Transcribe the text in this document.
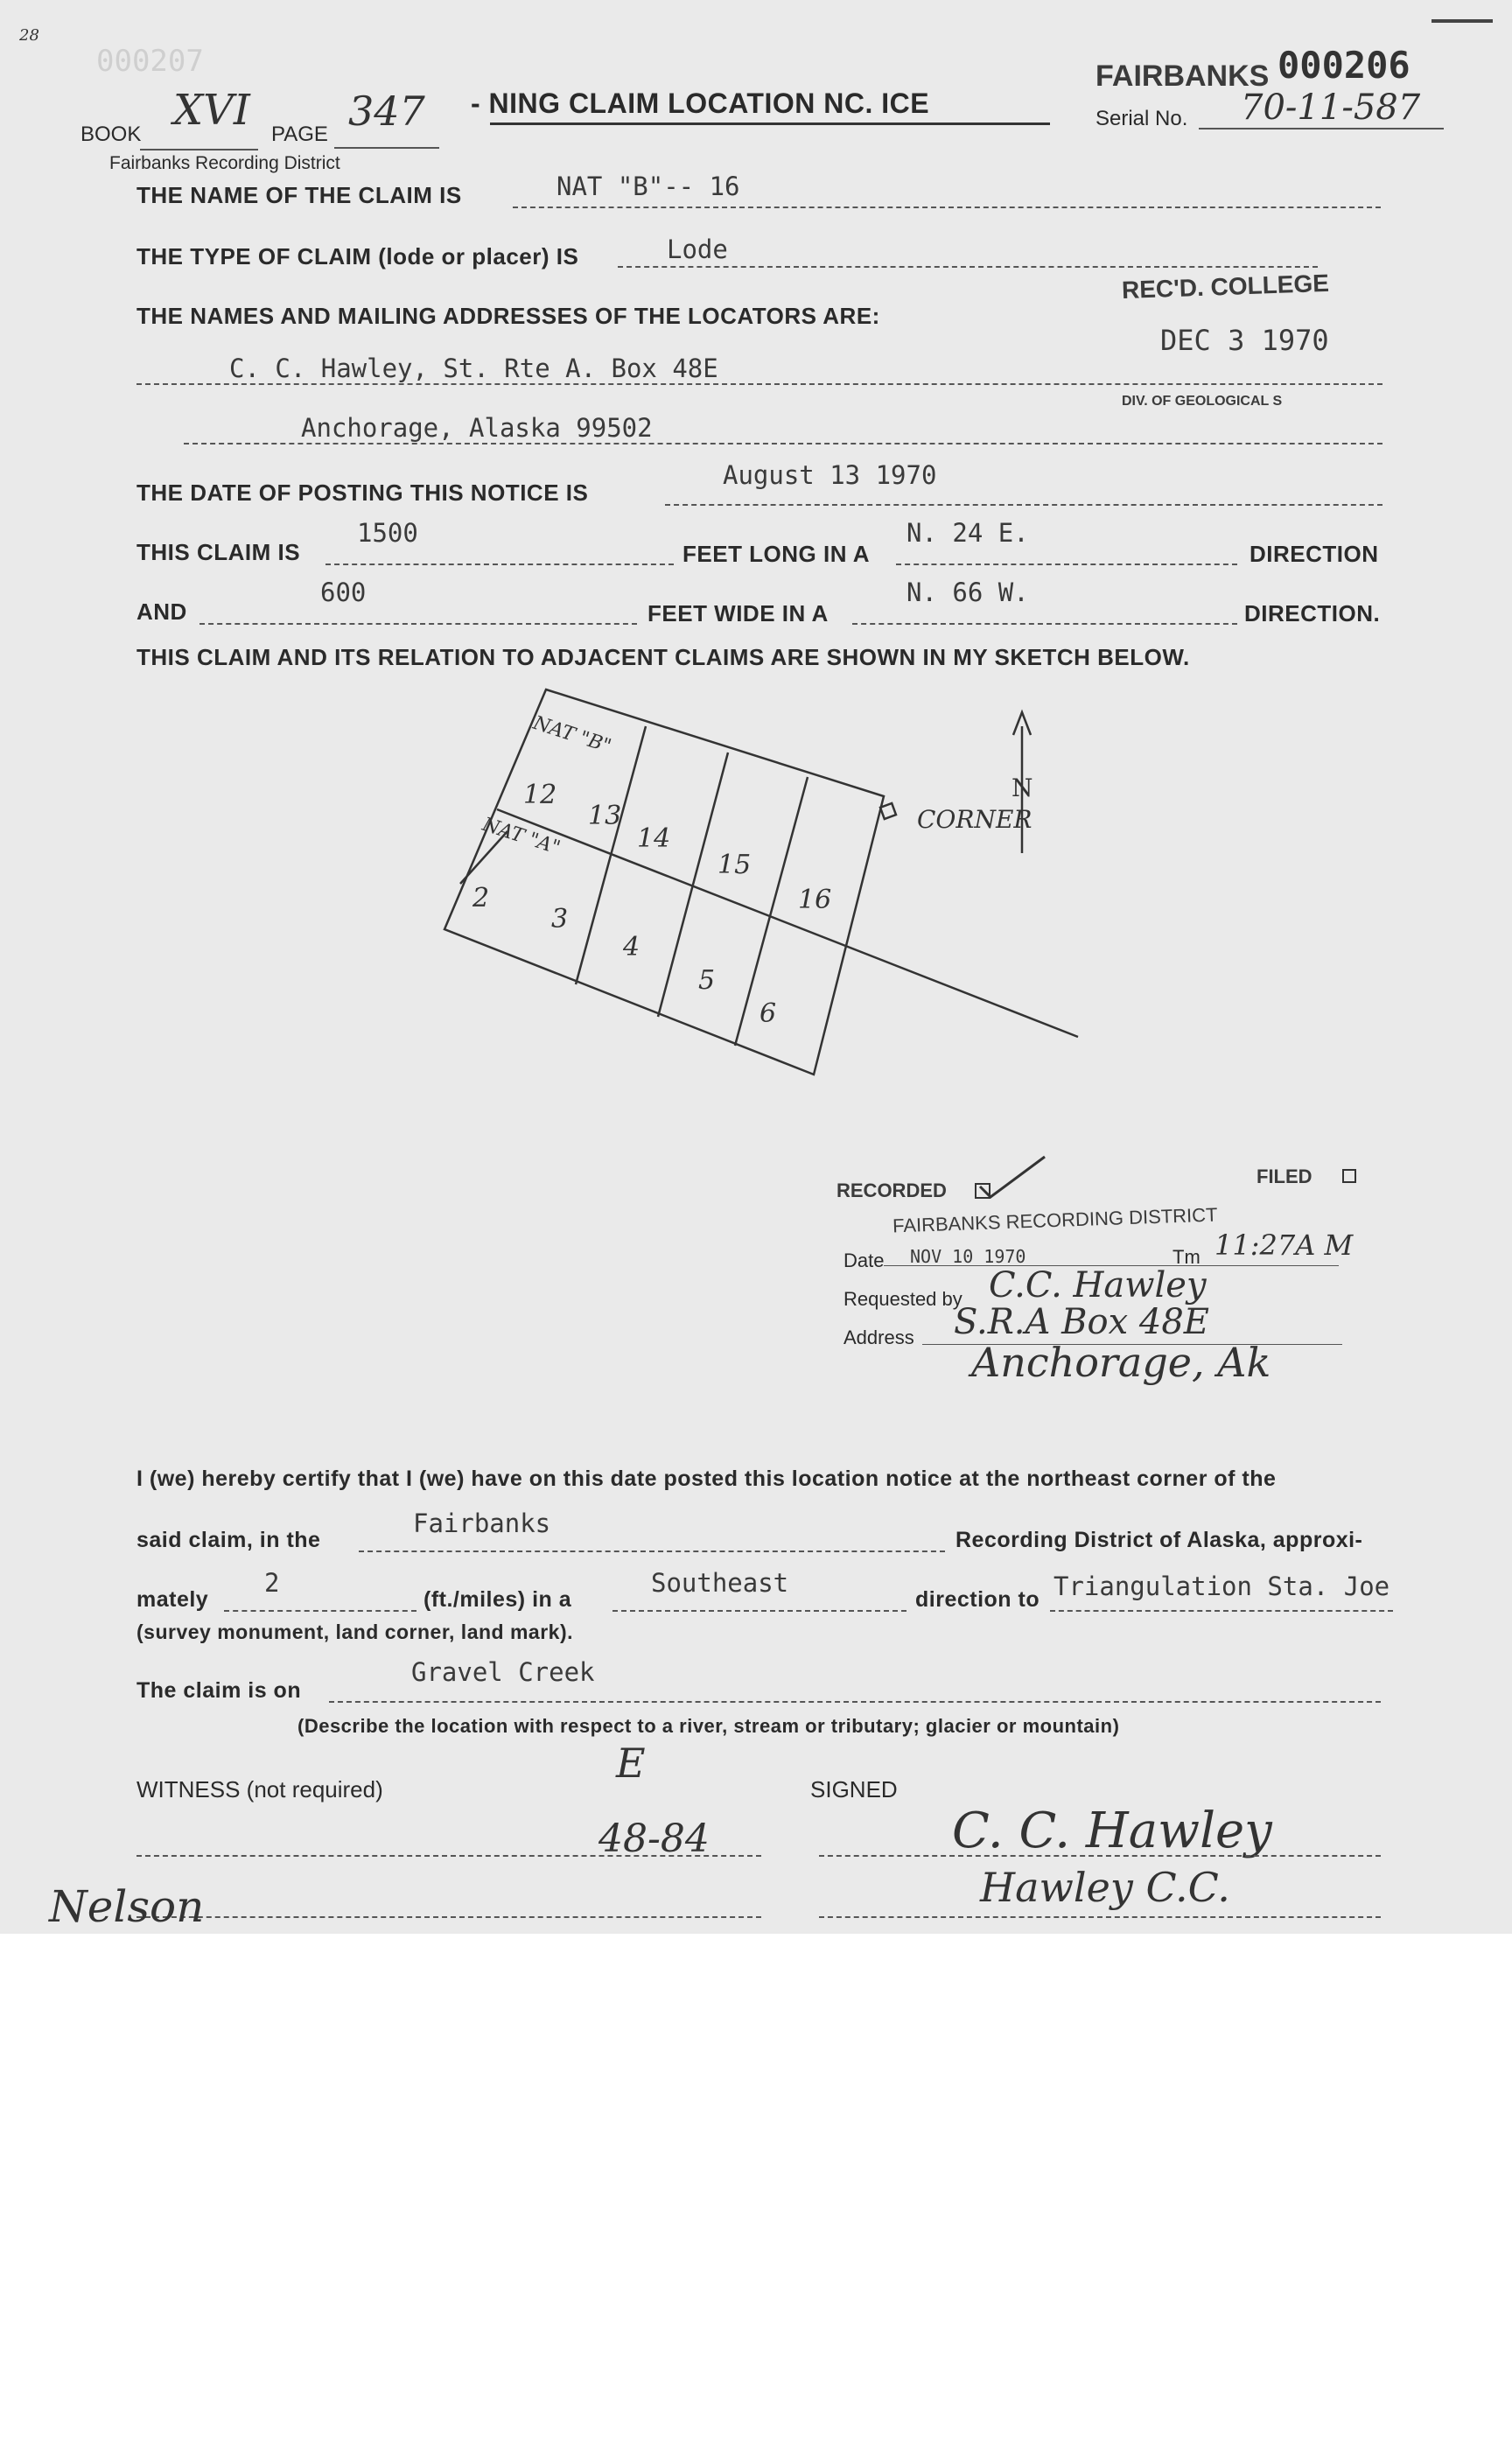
28
000207
BOOK XVI PAGE 347 - NING CLAIM LOCATION NC. ICE
Fairbanks Recording District
FAIRBANKS 000206
Serial No. 70-11-587
THE NAME OF THE CLAIM IS	NAT "B"-- 16
THE TYPE OF CLAIM (lode or placer) IS	Lode
REC'D. COLLEGE
DEC 3 1970
DIV. OF GEOLOGICAL S
THE NAMES AND MAILING ADDRESSES OF THE LOCATORS ARE:
C. C. Hawley, St. Rte A. Box 48E
Anchorage, Alaska 99502
THE DATE OF POSTING THIS NOTICE IS
August 13 1970
THIS CLAIM IS
1500
FEET LONG IN A
N. 24 E.
DIRECTION
AND
600
FEET WIDE IN A
N. 66 W.
DIRECTION.
THIS CLAIM AND ITS RELATION TO ADJACENT CLAIMS ARE SHOWN IN MY SKETCH BELOW.
NAT "B"
NAT "A"
12
13
14
15
16
2
3
4
5
6
N
CORNER
RECORDED
FILED
FAIRBANKS RECORDING DISTRICT
Date NOV 10 1970	Tm 11:27A M
Requested by C.C. Hawley
Address S.R.A Box 48E
Anchorage, Ak
I (we) hereby certify that I (we) have on this date posted this location notice at the northeast corner of the
said claim, in the
Fairbanks
Recording District of Alaska, approxi-
mately
2
(ft./miles) in a
Southeast
direction to Triangulation Sta. Joe
(survey monument, land corner, land mark).
The claim is on
Gravel Creek
(Describe the location with respect to a river, stream or tributary; glacier or mountain)
WITNESS (not required)
E
48-84
SIGNED
C. C. Hawley
Hawley C.C.
Nelson
